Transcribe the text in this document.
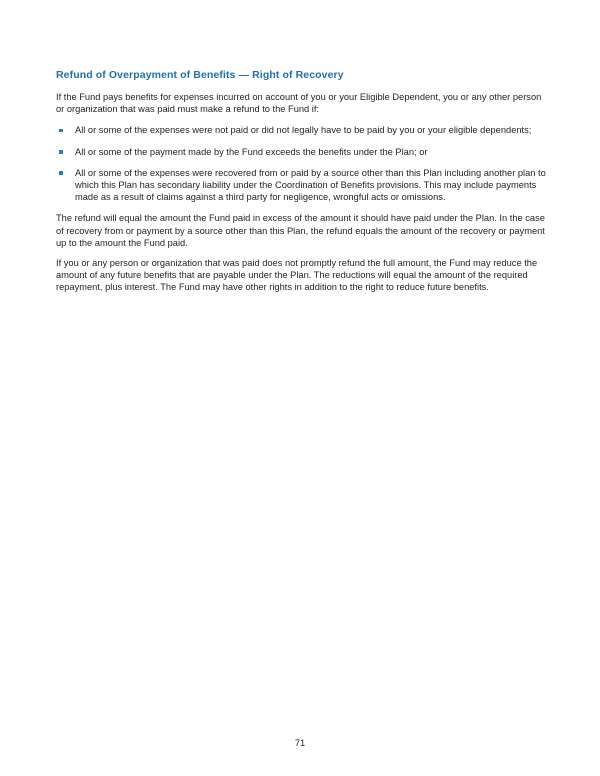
Refund of Overpayment of Benefits — Right of Recovery

If the Fund pays benefits for expenses incurred on account of you or your Eligible Dependent, you or any other person or organization that was paid must make a refund to the Fund if:

All or some of the expenses were not paid or did not legally have to be paid by you or your eligible dependents;
All or some of the payment made by the Fund exceeds the benefits under the Plan; or
All or some of the expenses were recovered from or paid by a source other than this Plan including another plan to which this Plan has secondary liability under the Coordination of Benefits provisions. This may include payments made as a result of claims against a third party for negligence, wrongful acts or omissions.

The refund will equal the amount the Fund paid in excess of the amount it should have paid under the Plan. In the case of recovery from or payment by a source other than this Plan, the refund equals the amount of the recovery or payment up to the amount the Fund paid.

If you or any person or organization that was paid does not promptly refund the full amount, the Fund may reduce the amount of any future benefits that are payable under the Plan. The reductions will equal the amount of the required repayment, plus interest. The Fund may have other rights in addition to the right to reduce future benefits.

71
